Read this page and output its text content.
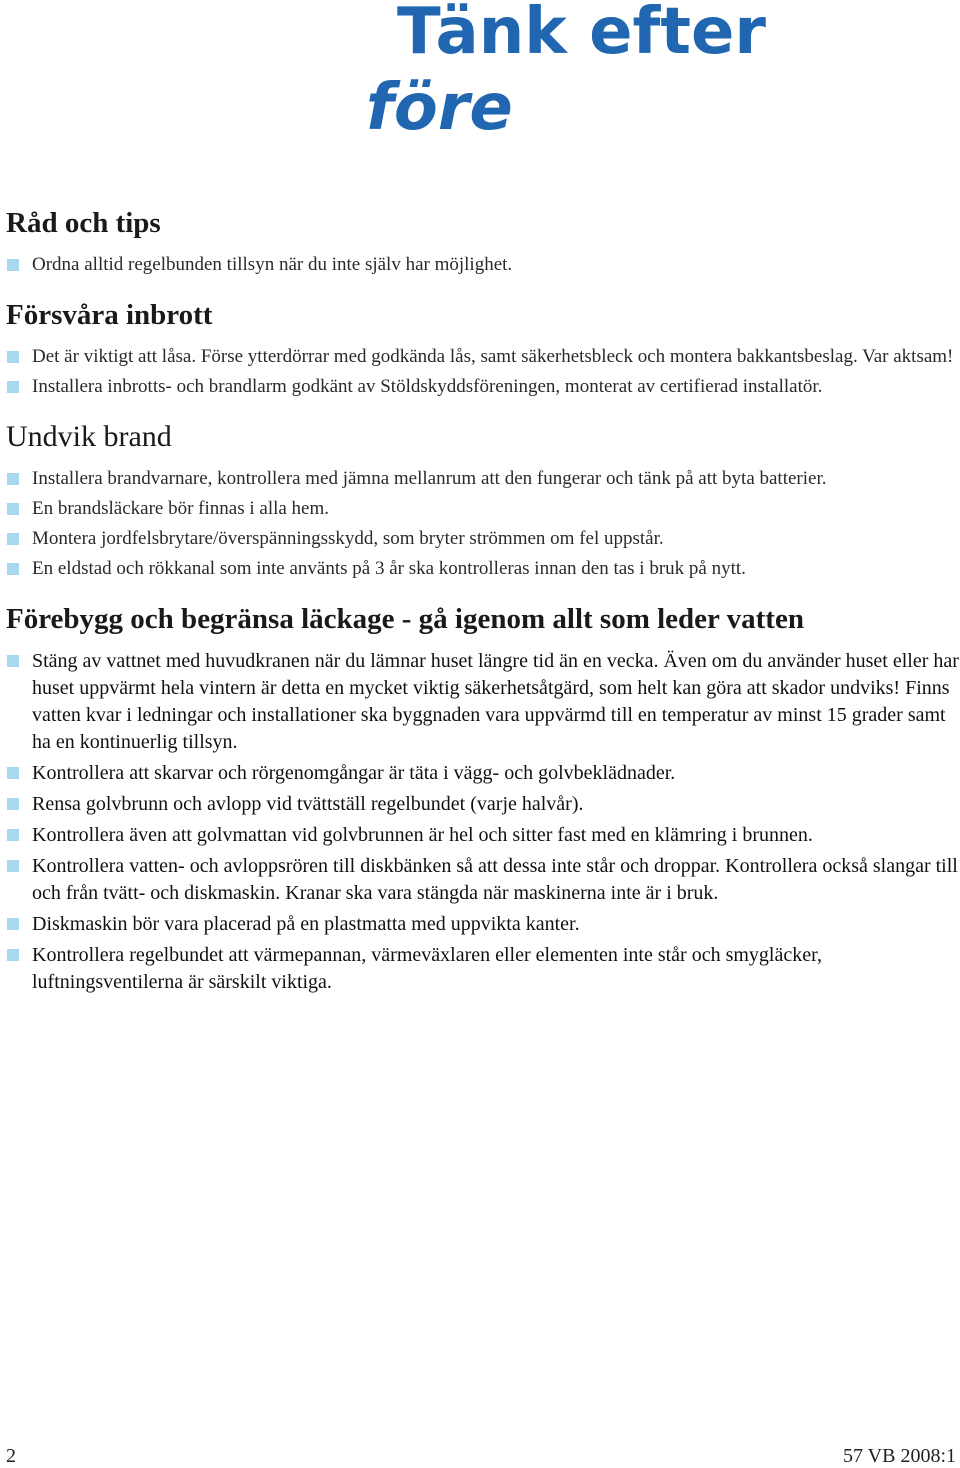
Tänk efter
före
Råd och tips
Ordna alltid regelbunden tillsyn när du inte själv har möjlighet.
Försvåra inbrott
Det är viktigt att låsa. Förse ytterdörrar med godkända lås, samt säkerhetsbleck och montera bakkantsbeslag. Var aktsam!
Installera inbrotts- och brandlarm godkänt av Stöldskyddsföreningen, monterat av certifierad installatör.
Undvik brand
Installera brandvarnare, kontrollera med jämna mellanrum att den fungerar och tänk på att byta batterier.
En brandsläckare bör finnas i alla hem.
Montera jordfelsbrytare/överspänningsskydd, som bryter strömmen om fel uppstår.
En eldstad och rökkanal som inte använts på 3 år ska kontrolleras innan den tas i bruk på nytt.
Förebygg och begränsa läckage - gå igenom allt som leder vatten
Stäng av vattnet med huvudkranen när du lämnar huset längre tid än en vecka. Även om du använder huset eller har huset uppvärmt hela vintern är detta en mycket viktig säkerhetsåtgärd, som helt kan göra att skador undviks! Finns vatten kvar i ledningar och installationer ska byggnaden vara uppvärmd till en temperatur av minst 15 grader samt ha en kontinuerlig tillsyn.
Kontrollera att skarvar och rörgenomgångar är täta i vägg- och golvbeklädnader.
Rensa golvbrunn och avlopp vid tvättställ regelbundet (varje halvår).
Kontrollera även att golvmattan vid golvbrunnen är hel och sitter fast med en klämring i brunnen.
Kontrollera vatten- och avloppsrören till diskbänken så att dessa inte står och droppar. Kontrollera också slangar till och från tvätt- och diskmaskin. Kranar ska vara stängda när maskinerna inte är i bruk.
Diskmaskin bör vara placerad på en plastmatta med uppvikta kanter.
Kontrollera regelbundet att värmepannan, värmeväxlaren eller elementen inte står och smygläcker, luftningsventilerna är särskilt viktiga.
2	57 VB 2008:1
